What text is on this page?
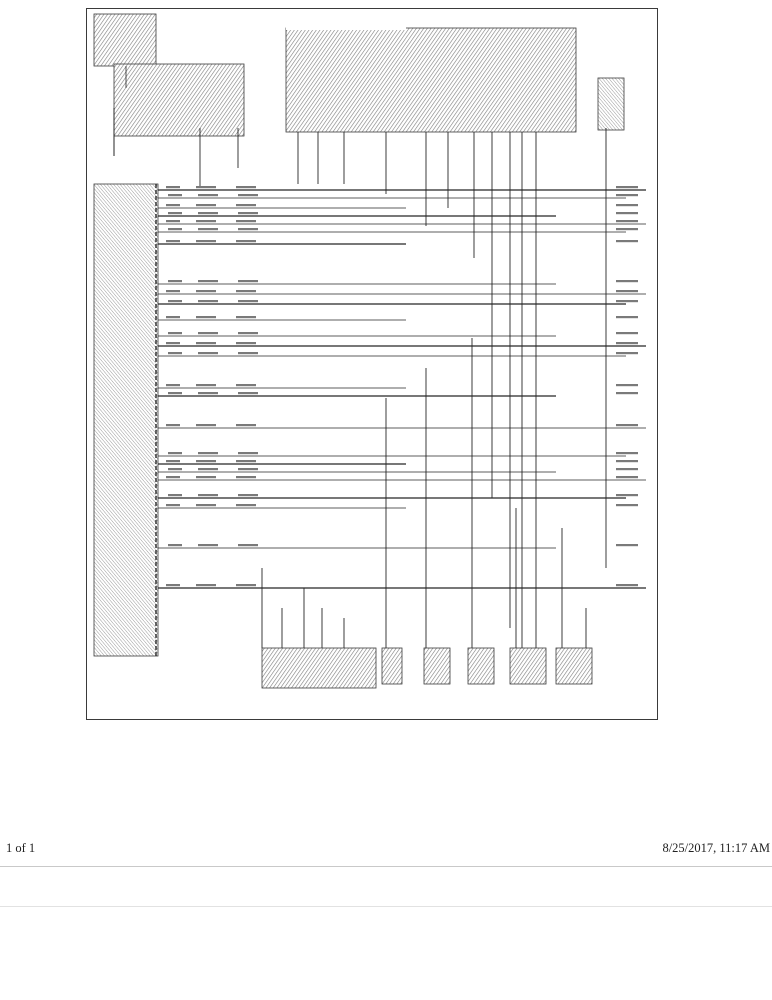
1 of 1	8/25/2017, 11:17 AM
